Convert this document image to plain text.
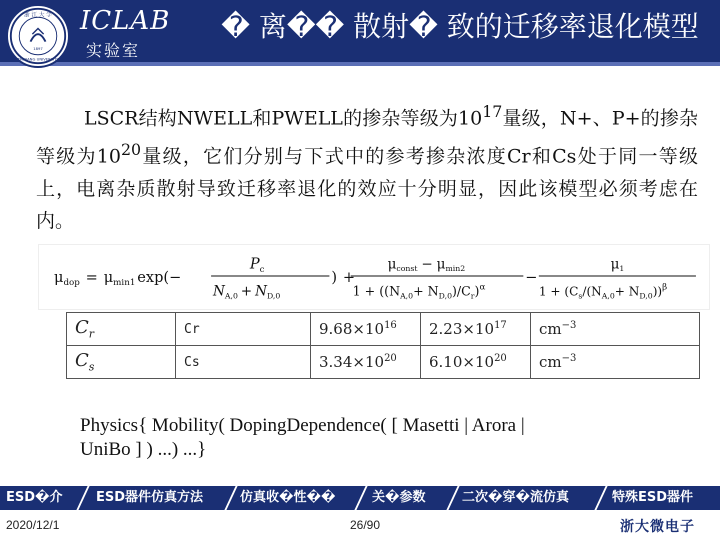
浙 江 大 学
ZHEJIANG UNIVERSITY
1897
ICLAB
实验室
� 离�� 散射� 致的迁移率退化模型
LSCR结构NWELL和PWELL的掺杂等级为$10^{17}$量级，N+、P+的掺杂等级为$10^{20}$量级，它们分别与下式中的参考掺杂浓度Cr和Cs处于同一等级上，电离杂质散射导致迁移率退化的效应十分明显，因此该模型必须考虑在内。
$\mu_{dop} = \mu_{min1}$ exp(−
P c
$N_{A,0} + N_{D,0}$
) +
$\mu_{const} - \mu_{min2}$
$1 + ((N_{A,0}+ N_{D,0})/C_r)^\alpha$
−
$\mu_1$
$1 + (C_s/(N_{A,0}+ N_{D,0}))^\beta$
$C_r$	Cr	$9.68\times 10^{16}$	$2.23\times 10^{17}$	$cm^{-3}$
$C_s$	Cs	$3.34\times 10^{20}$	$6.10\times 10^{20}$	$cm^{-3}$
Physics{ Mobility( DopingDependence( [ Masetti | Arora |
UniBo ] ) ...) ...}
ESD�介	ESD器件仿真方法	仿真收�性��	关�参数	二次�穿�流仿真	特殊ESD器件
2020/12/1	26/90	浙大微电子
